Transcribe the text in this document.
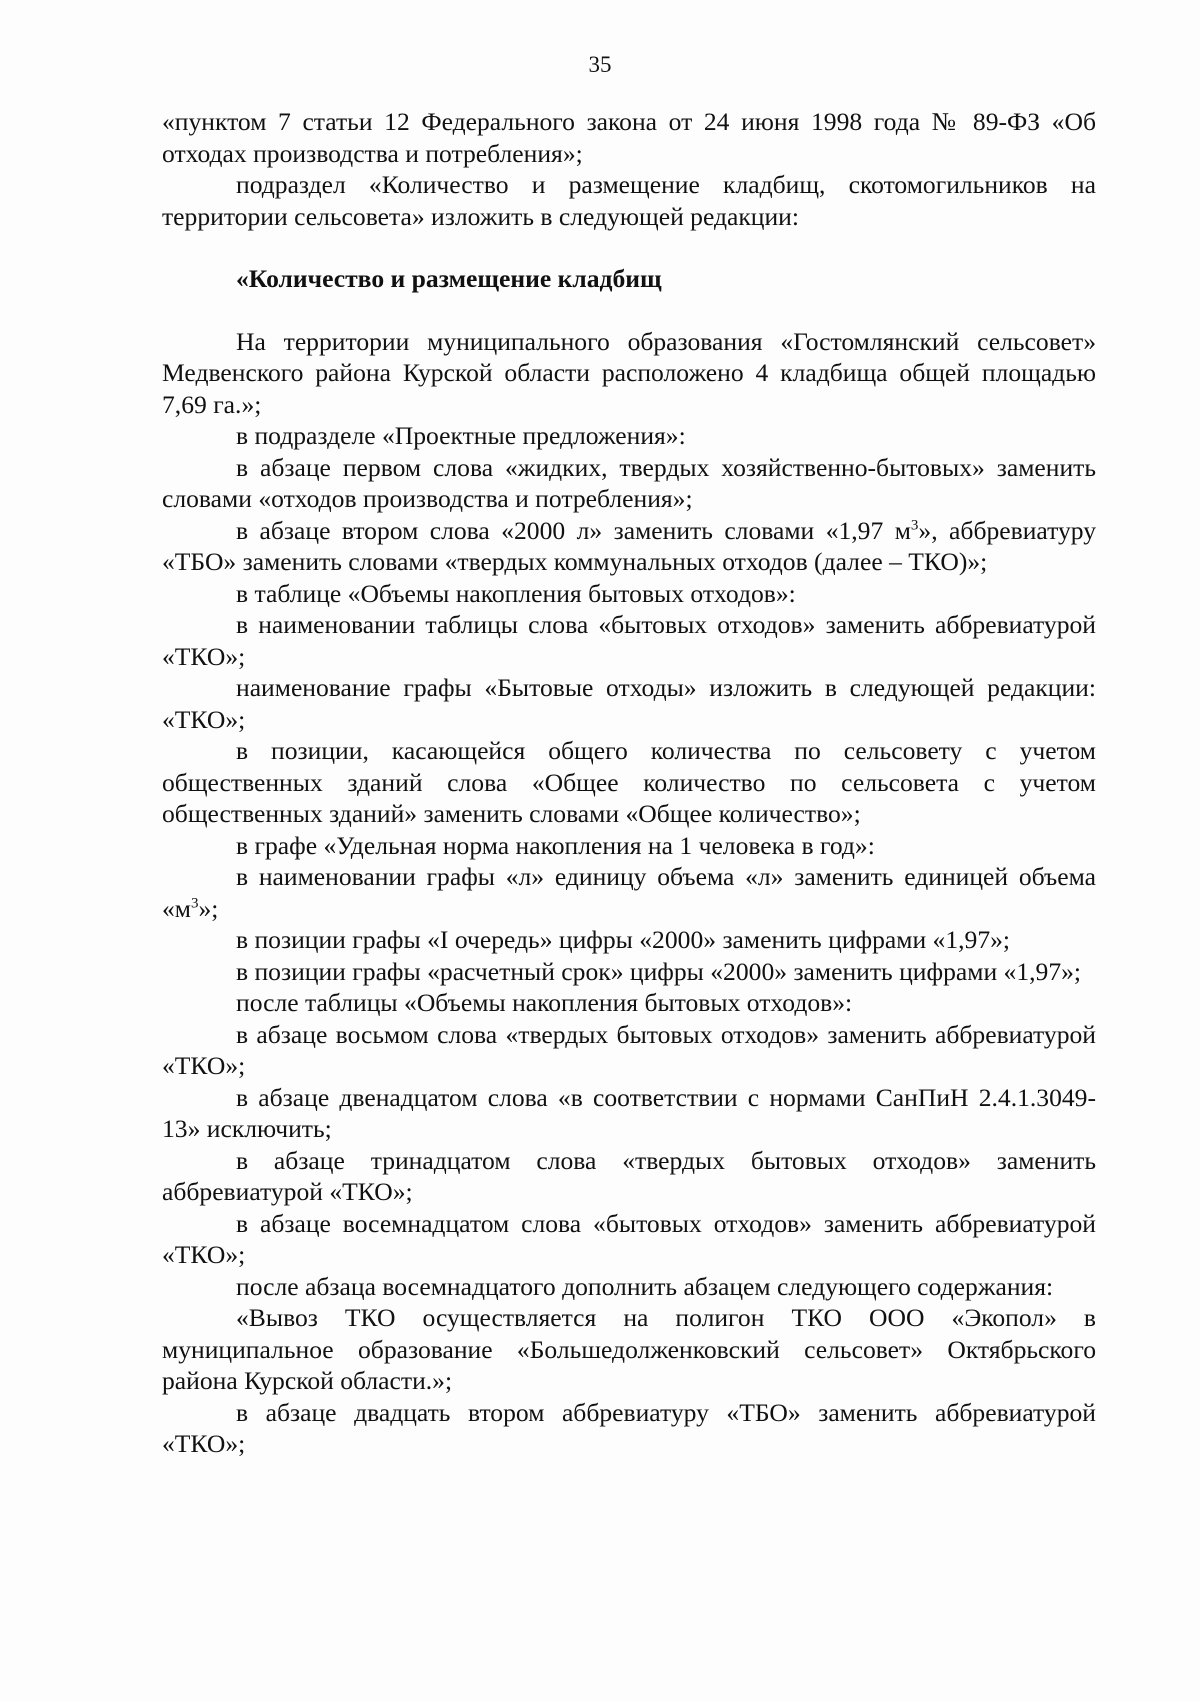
35

«пунктом 7 статьи 12 Федерального закона от 24 июня 1998 года № 89-ФЗ «Об отходах производства и потребления»;

подраздел «Количество и размещение кладбищ, скотомогильников на территории сельсовета» изложить в следующей редакции:

«Количество и размещение кладбищ

На территории муниципального образования «Гостомлянский сельсовет» Медвенского района Курской области расположено 4 кладбища общей площадью 7,69 га.»;

в подразделе «Проектные предложения»:

в абзаце первом слова «жидких, твердых хозяйственно-бытовых» заменить словами «отходов производства и потребления»;

в абзаце втором слова «2000 л» заменить словами «1,97 $м^3$», аббревиатуру «ТБО» заменить словами «твердых коммунальных отходов (далее – ТКО)»;

в таблице «Объемы накопления бытовых отходов»:

в наименовании таблицы слова «бытовых отходов» заменить аббревиатурой «ТКО»;

наименование графы «Бытовые отходы» изложить в следующей редакции: «ТКО»;

в позиции, касающейся общего количества по сельсовету с учетом общественных зданий слова «Общее количество по сельсовета с учетом общественных зданий» заменить словами «Общее количество»;

в графе «Удельная норма накопления на 1 человека в год»:

в наименовании графы «л» единицу объема «л» заменить единицей объема «$м^3$»;

в позиции графы «I очередь» цифры «2000» заменить цифрами «1,97»;

в позиции графы «расчетный срок» цифры «2000» заменить цифрами «1,97»;

после таблицы «Объемы накопления бытовых отходов»:

в абзаце восьмом слова «твердых бытовых отходов» заменить аббревиатурой «ТКО»;

в абзаце двенадцатом слова «в соответствии с нормами СанПиН 2.4.1.3049-13» исключить;

в абзаце тринадцатом слова «твердых бытовых отходов» заменить аббревиатурой «ТКО»;

в абзаце восемнадцатом слова «бытовых отходов» заменить аббревиатурой «ТКО»;

после абзаца восемнадцатого дополнить абзацем следующего содержания:

«Вывоз ТКО осуществляется на полигон ТКО ООО «Экопол» в муниципальное образование «Большедолженковский сельсовет» Октябрьского района Курской области.»;

в абзаце двадцать втором аббревиатуру «ТБО» заменить аббревиатурой «ТКО»;
